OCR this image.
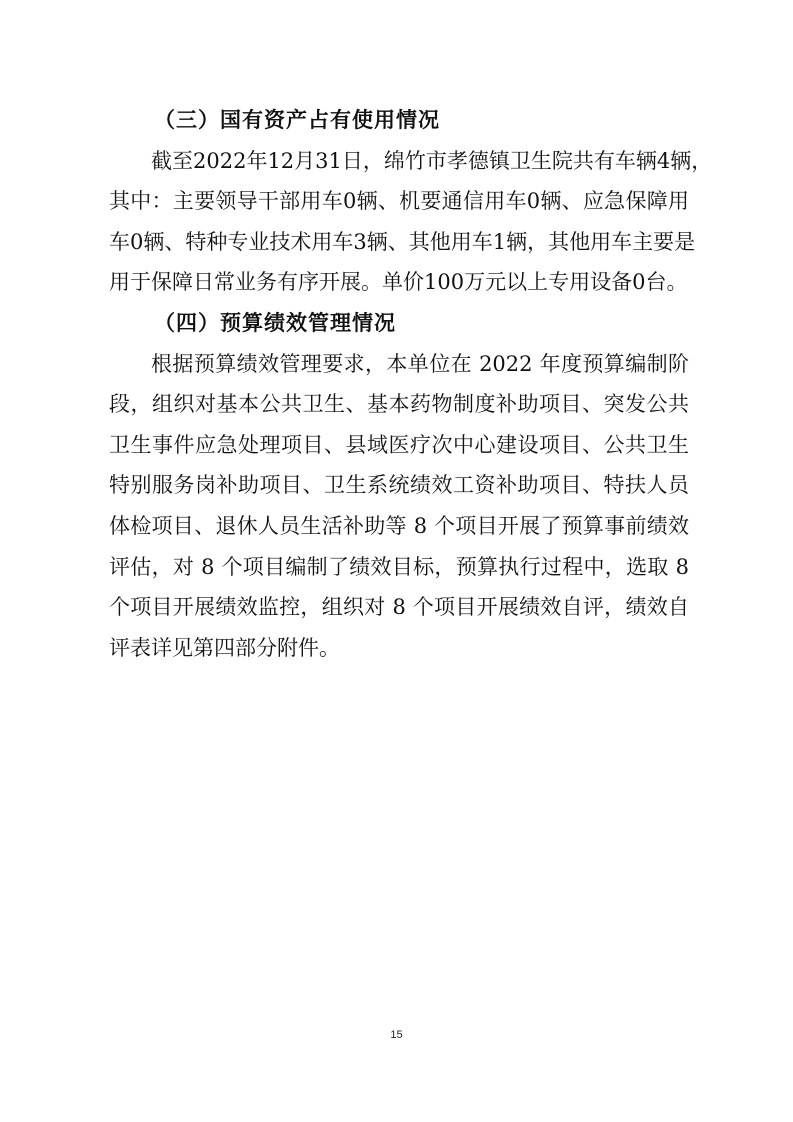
（三）国有资产占有使用情况
截至2022年12月31日，绵竹市孝德镇卫生院共有车辆4辆，
其中：主要领导干部用车0辆、机要通信用车0辆、应急保障用
车0辆、特种专业技术用车3辆、其他用车1辆，其他用车主要是
用于保障日常业务有序开展。单价100万元以上专用设备0台。
（四）预算绩效管理情况
根据预算绩效管理要求，本单位在 2022 年度预算编制阶
段，组织对基本公共卫生、基本药物制度补助项目、突发公共
卫生事件应急处理项目、县域医疗次中心建设项目、公共卫生
特别服务岗补助项目、卫生系统绩效工资补助项目、特扶人员
体检项目、退休人员生活补助等 8 个项目开展了预算事前绩效
评估，对 8 个项目编制了绩效目标，预算执行过程中，选取 8
个项目开展绩效监控，组织对 8 个项目开展绩效自评，绩效自
评表详见第四部分附件。
15
